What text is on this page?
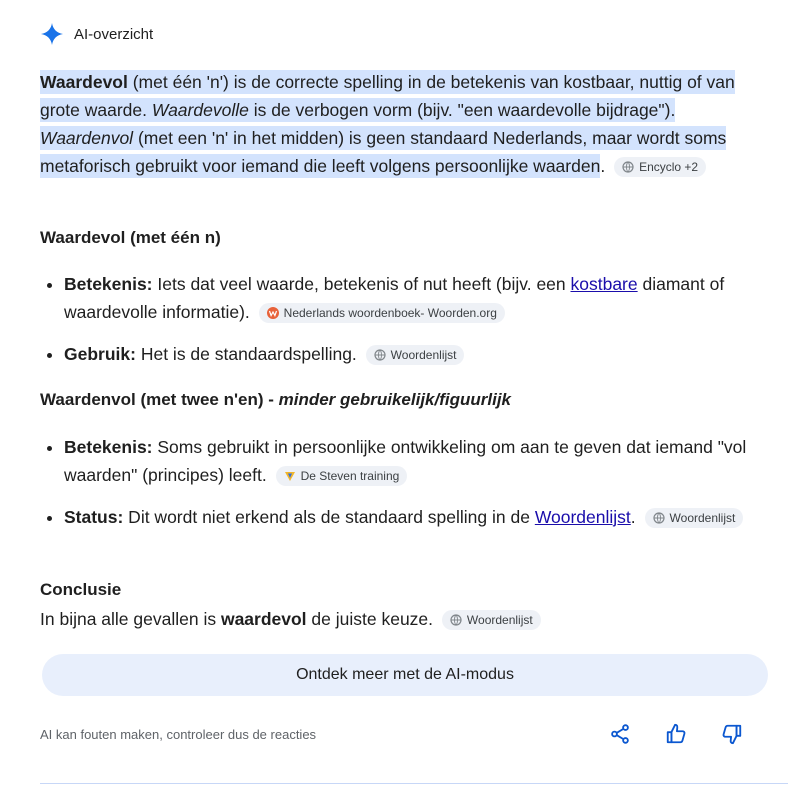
AI-overzicht
Waardevol (met één 'n') is de correcte spelling in de betekenis van kostbaar, nuttig of van grote waarde. Waardevolle is de verbogen vorm (bijv. "een waardevolle bijdrage"). Waardenvol (met een 'n' in het midden) is geen standaard Nederlands, maar wordt soms metaforisch gebruikt voor iemand die leeft volgens persoonlijke waarden.	Encyclo +2
Waardevol (met één n)
• Betekenis: Iets dat veel waarde, betekenis of nut heeft (bijv. een kostbare diamant of waardevolle informatie).	Nederlands woordenboek- Woorden.org
• Gebruik: Het is de standaardspelling.	Woordenlijst
Waardenvol (met twee n'en) - minder gebruikelijk/figuurlijk
• Betekenis: Soms gebruikt in persoonlijke ontwikkeling om aan te geven dat iemand "vol waarden" (principes) leeft.	De Steven training
• Status: Dit wordt niet erkend als de standaard spelling in de Woordenlijst.	Woordenlijst
Conclusie
In bijna alle gevallen is waardevol de juiste keuze.	Woordenlijst
Ontdek meer met de AI-modus
AI kan fouten maken, controleer dus de reacties
